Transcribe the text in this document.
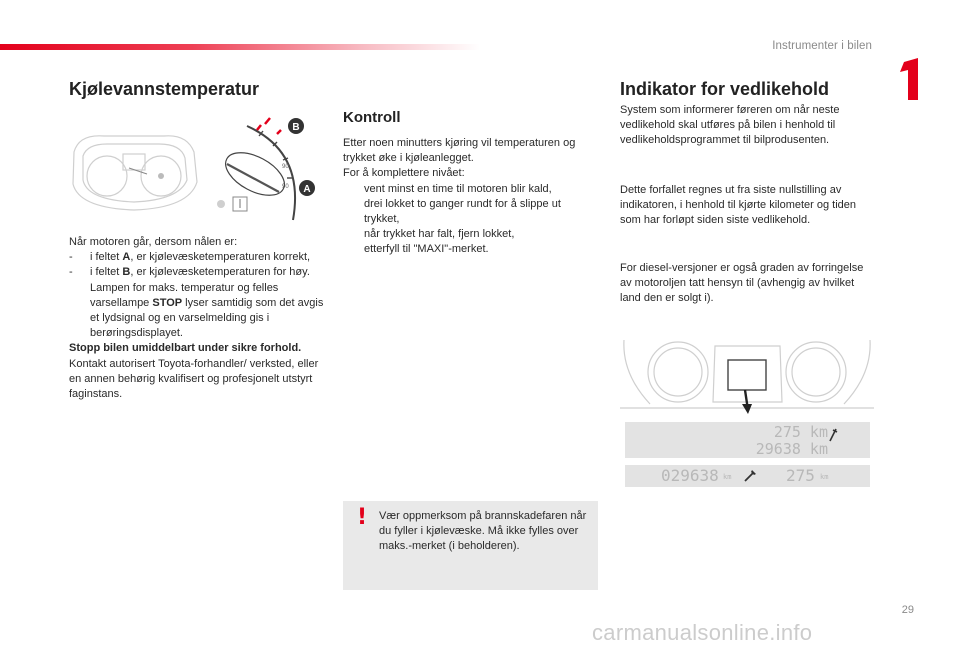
Instrumenter i bilen
Kjølevannstemperatur
90
90
B
A
Når motoren går, dersom nålen er:
- i feltet A, er kjølevæsketemperaturen korrekt,
- i feltet B, er kjølevæsketemperaturen for høy. Lampen for maks. temperatur og felles varsellampe STOP lyser samtidig som det avgis et lydsignal og en varselmelding gis i berøringsdisplayet.
Stopp bilen umiddelbart under sikre forhold.
Kontakt autorisert Toyota-forhandler/ verksted, eller en annen behørig kvalifisert og profesjonelt utstyrt faginstans.
Kontroll
Etter noen minutters kjøring vil temperaturen og trykket øke i kjøleanlegget.
For å komplettere nivået:
vent minst en time til motoren blir kald,
drei lokket to ganger rundt for å slippe ut trykket,
når trykket har falt, fjern lokket,
etterfyll til "MAXI"-merket.
! Vær oppmerksom på brannskadefaren når du fyller i kjølevæske. Må ikke fylles over maks.-merket (i beholderen).
Indikator for vedlikehold
System som informerer føreren om når neste vedlikehold skal utføres på bilen i henhold til vedlikeholdsprogrammet til bilprodusenten.
Dette forfallet regnes ut fra siste nullstilling av indikatoren, i henhold til kjørte kilometer og tiden som har forløpt siden siste vedlikehold.
For diesel-versjoner er også graden av forringelse av motoroljen tatt hensyn til (avhengig av hvilket land den er solgt i).
275 km
29638 km
029638 km	275 km
29
carmanualsonline.info
